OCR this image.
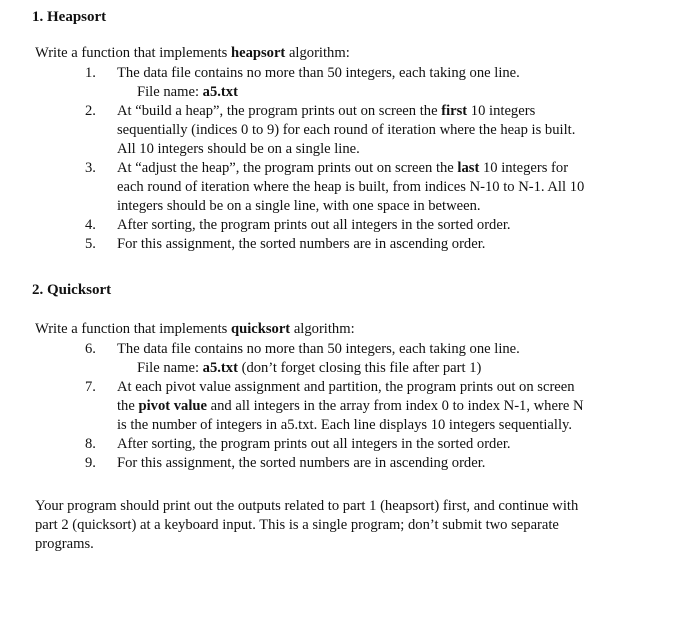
1. Heapsort

Write a function that implements heapsort algorithm:

1. The data file contains no more than 50 integers, each taking one line.
File name: a5.txt
2. At “build a heap”, the program prints out on screen the first 10 integers
sequentially (indices 0 to 9) for each round of iteration where the heap is built.
All 10 integers should be on a single line.
3. At “adjust the heap”, the program prints out on screen the last 10 integers for
each round of iteration where the heap is built, from indices N-10 to N-1. All 10
integers should be on a single line, with one space in between.
4. After sorting, the program prints out all integers in the sorted order.
5. For this assignment, the sorted numbers are in ascending order.
2. Quicksort

Write a function that implements quicksort algorithm:

6. The data file contains no more than 50 integers, each taking one line.
File name: a5.txt (don’t forget closing this file after part 1)
7. At each pivot value assignment and partition, the program prints out on screen
the pivot value and all integers in the array from index 0 to index N-1, where N
is the number of integers in a5.txt. Each line displays 10 integers sequentially.
8. After sorting, the program prints out all integers in the sorted order.
9. For this assignment, the sorted numbers are in ascending order.

Your program should print out the outputs related to part 1 (heapsort) first, and continue with
part 2 (quicksort) at a keyboard input. This is a single program; don’t submit two separate
programs.
